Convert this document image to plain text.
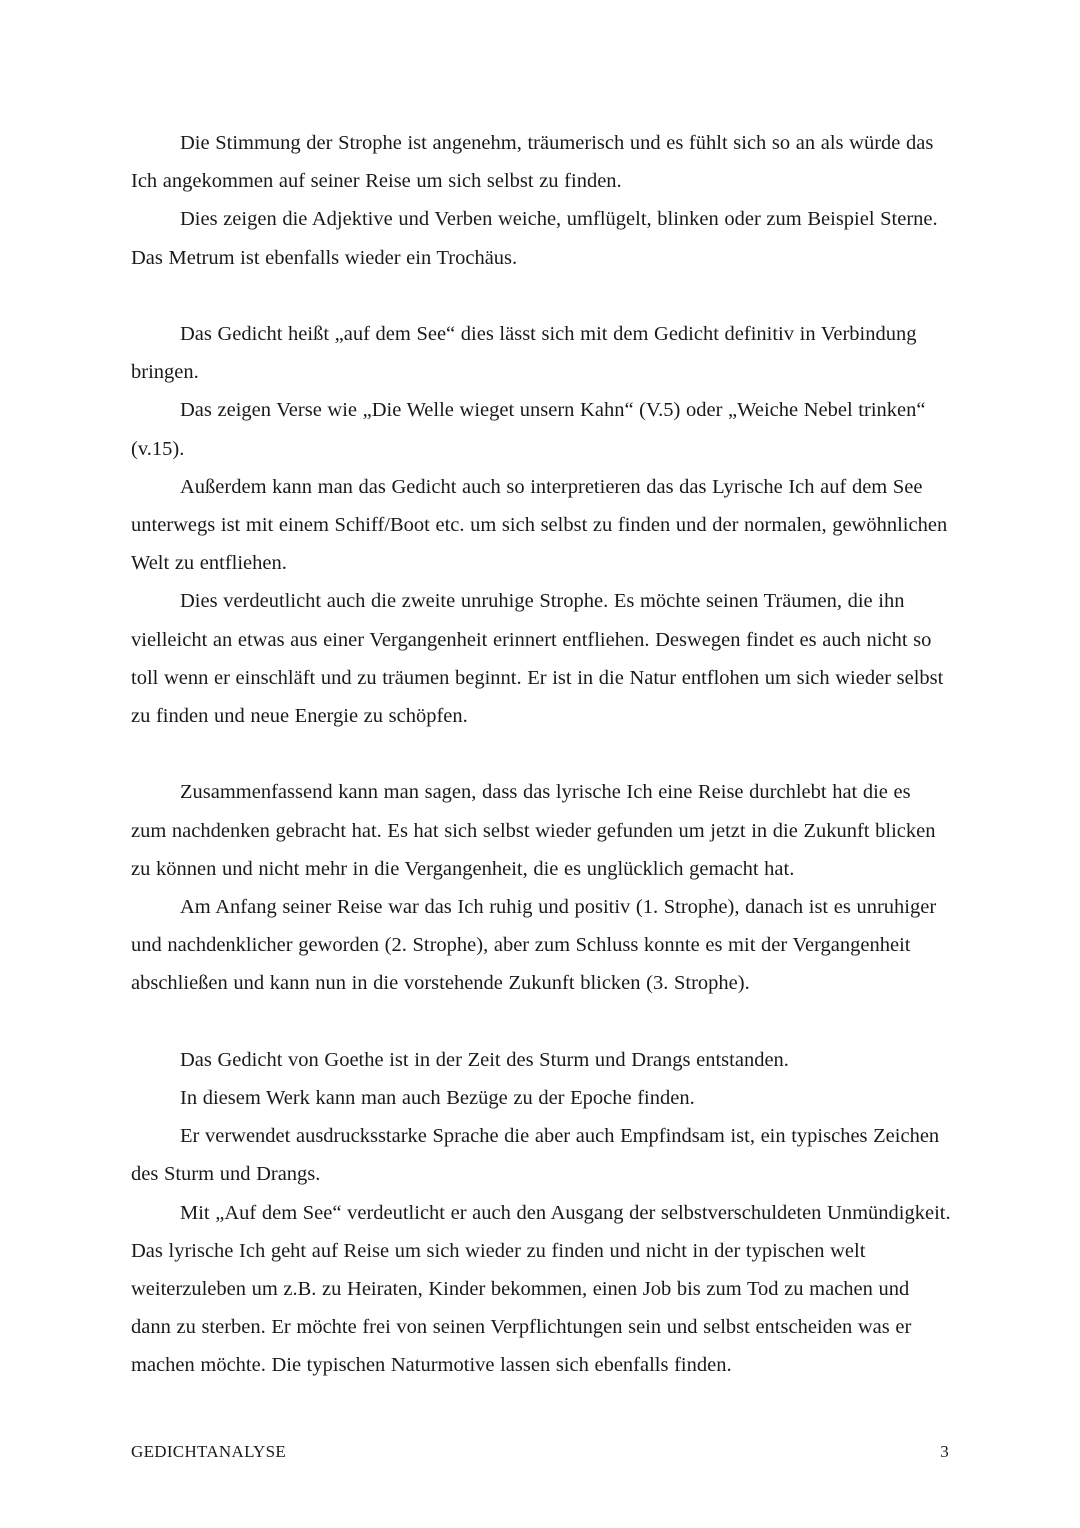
Die Stimmung der Strophe ist angenehm, träumerisch und es fühlt sich so an als würde das Ich angekommen auf seiner Reise um sich selbst zu finden.

Dies zeigen die Adjektive und Verben weiche, umflügelt, blinken oder zum Beispiel Sterne. Das Metrum ist ebenfalls wieder ein Trochäus.

Das Gedicht heißt „auf dem See“ dies lässt sich mit dem Gedicht definitiv in Verbindung bringen.

Das zeigen Verse wie „Die Welle wieget unsern Kahn“ (V.5) oder „Weiche Nebel trinken“ (v.15).

Außerdem kann man das Gedicht auch so interpretieren das das Lyrische Ich auf dem See unterwegs ist mit einem Schiff/Boot etc. um sich selbst zu finden und der normalen, gewöhnlichen Welt zu entfliehen.

Dies verdeutlicht auch die zweite unruhige Strophe. Es möchte seinen Träumen, die ihn vielleicht an etwas aus einer Vergangenheit erinnert entfliehen. Deswegen findet es auch nicht so toll wenn er einschläft und zu träumen beginnt. Er ist in die Natur entflohen um sich wieder selbst zu finden und neue Energie zu schöpfen.

Zusammenfassend kann man sagen, dass das lyrische Ich eine Reise durchlebt hat die es zum nachdenken gebracht hat. Es hat sich selbst wieder gefunden um jetzt in die Zukunft blicken zu können und nicht mehr in die Vergangenheit, die es unglücklich gemacht hat.

Am Anfang seiner Reise war das Ich ruhig und positiv (1. Strophe), danach ist es unruhiger und nachdenklicher geworden (2. Strophe), aber zum Schluss konnte es mit der Vergangenheit abschließen und kann nun in die vorstehende Zukunft blicken (3. Strophe).

Das Gedicht von Goethe ist in der Zeit des Sturm und Drangs entstanden.

In diesem Werk kann man auch Bezüge zu der Epoche finden.

Er verwendet ausdrucksstarke Sprache die aber auch Empfindsam ist, ein typisches Zeichen des Sturm und Drangs.

Mit „Auf dem See“ verdeutlicht er auch den Ausgang der selbstverschuldeten Unmündigkeit. Das lyrische Ich geht auf Reise um sich wieder zu finden und nicht in der typischen welt weiterzuleben um z.B. zu Heiraten, Kinder bekommen, einen Job bis zum Tod zu machen und dann zu sterben. Er möchte frei von seinen Verpflichtungen sein und selbst entscheiden was er machen möchte. Die typischen Naturmotive lassen sich ebenfalls finden.

GEDICHTANALYSE	3
